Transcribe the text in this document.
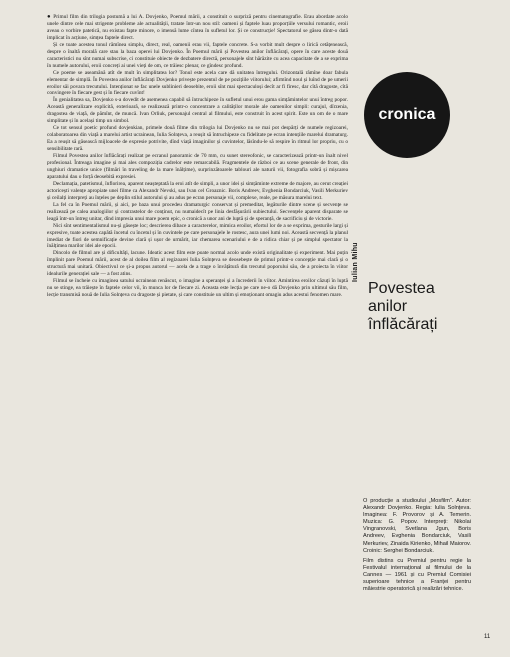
● Primul film din trilogia postumă a lui A. Dovjenko, Poemul mării, a constituit o surpriză pentru cinematografie. Erau abordate acolo unele dintre cele mai strigente probleme ale actualității, tratate într-un nou stil: oameni și faptele luau proporțiile versului romantic, eroii aveau o vorbire patetică, nu existau fapte minore, o imensă lume cîntea în sufletul lor. Și ce construcție! Spectatorul se găsea dintr-o dată implicat în acțiune, simțea faptele direct.

Și ce toate acestea tonul rămînea simplu, direct, real, oamenii erau vii, faptele concrete. S-a vorbit mult despre o lirică cetățenească, despre o înaltă morală care stau la baza operei lui Dovjenko. În Poemul mării și Povestea anilor înflăcărați, opere în care aceste două caracteristici nu sînt numai subscrise, ci constituie obiecte de dezbatere directă, personajele sînt hărăzite cu acea capacitate de a se exprima în numele autorului, eroii concreți ai unei vieți de om, ce trăiesc plenar, ce gîndesc profund.

Ce poeme se aseamănă atît de mult în simplitatea lor? Tonul este acela care dă unitatea întregului. Orizontală rămîne doar fabula elementar de simplă. În Povestea anilor înflăcărați Dovjenko privește prezentul de pe pozițiile viitorului; afirmînd noul și luînd de pe umerii eroilor săi povara trecutului. Intenționat se fac unele sublinieri deosebite, eroii sînt mai spectaculoși decît ar fi firesc, dar cîtă dragoste, cîtă convingere în fiecare gest și în fiecare cuvînt!

În genialitatea sa, Dovjenko s-a dovedit de asemenea capabil să întruchipeze în sufletul unui erou gama simțămintelor unui întreg popor. Această generalizare explicită, exterioară, se realizează printr-o concentrare a calităților morale ale oamenilor simpli: curajul, dîrzenia, dragostea de viață, de pămînt, de muncă. Ivan Orliuk, personajul central al filmului, este construit în acest spirit. Este un om de o mare simplitate și în același timp un simbol.

Ce tot sensul poetic profund dovjenkian, primele două filme din trilogia lui Dovjenko nu se mai pot despărți de numele regizoarei, colaboratoarea din viață a marelui artist ucrainean, Iulia Solnțeva, a reușit să întruchipeze cu fidelitate pe ecran intențiile marelui dramaturg. Ea a reușit să găsească mijloacele de expresie potrivite, dînd viață imaginilor și cuvintelor, lăsîndu-le să respire în ritmul lor propriu, cu o sensibilitate rară.

Filmul Povestea anilor înflăcărați realizat pe ecranul panoramic de 70 mm, cu sunet stereofonic, se caracterizează printr-un înalt nivel profesional. Întreaga imagine și mai ales compoziția cadrelor este remarcabilă. Fragmentele de război ce au scene generale de front, din unghiuri dramatice unice (filmări în traveling de la mare înălțime), surprinzătoarele tablouri ale naturii vii, fotografia sobră și mișcarea aparatului dau o forță deosebită expresiei.

Declamația, patetismul, înflorirea, aparent neașteptată la eroi atît de simpli, a unor idei și simțăminte extreme de majore, au cerut creației actoricești valențe apropiate unei filme ca Alexandr Nevski, sau Ivan cel Groaznic. Boris Andreev, Evghenia Bondarciuk, Vasili Merkuriev și ceilalți interpreți au înțeles pe deplin stilul autorului și au adus pe ecran personaje vii, complexe, reale, pe măsura marelui text.

La fel ca în Poemul mării, și aici, pe baza unui procedeu dramaturgic conservat și premeditat, legăturile dintre scene și secvențe se realizează pe calea analogiilor și contrastelor de conținut, nu numaidecît pe linia desfășurării subiectului. Secvențele aparent disparate se leagă într-un întreg unitar, dînd impresia unui mare poem epic, o cronică a unor ani de luptă și de speranță, de sacrificiu și de victorie.

Nici sînt sentimentalismul nu-și găsește loc; descrierea dibace a caracterelor, mimica eroilor, efortul lor de a se exprima, gesturile largi și expresive, toate acestea capătă încetul cu încetul și în cuvintele pe care personajele le rostesc, aura unei lumi noi. Această secvență la planul imediat de fiori de semnificație devine clară și ușor de urmărit, iar chemarea scenariului e de a ridica chiar și pe simplul spectator la înălțimea marilor idei ale epocii.

Dincolo de filmul are și dificultăți, lacune. Ideatic acest film este poate normal acolo unde există originalitate și experiment. Mai puțin împlinit pare Poemul mării, acest de al doilea film al regizoarei Iulia Solnțeva se deosebește de primul printr-o concepție mai clară și o structură mai unitară. Obiectivul ce și-a propus autorul — acela de a trage o învățătură din trecutul poporului său, de a proiecta în viitor idealurile generației sale — a fost atins.

Filmul se încheie cu imaginea satului ucrainean renăscut, o imagine a speranței și a încrederii în viitor. Amintirea eroilor căzuți în luptă nu se stinge, ea trăiește în faptele celor vii, în munca lor de fiecare zi. Aceasta este lecția pe care ne-o dă Dovjenko prin ultimul său film, lecție transmisă nouă de Iulia Solnțeva cu dragoste și pietate, și care constituie un ultim și emoționant omagiu adus acestui fenomen mare.

Iulian Mihu
cronica
Povestea
anilor
înflăcărați

O producție a studioului „Mosfilm". Autor: Alexandr Dovjenko. Regia: Iulia Solnțeva. Imaginea: F. Provorov și A. Temerin. Muzica: G. Popov. Interpreți: Nikolai Vingranovski, Svetlana Jgun, Boris Andreev, Evghenia Bondarciuk, Vasili Merkuriev, Zinaida Kirienko, Mihail Maiorov. Croinic: Serghei Bondarciuk.

Film distins cu Premiul pentru regie la Festivalul internațional al filmului de la Cannes — 1961 și cu Premiul Comisiei superioare tehnice a Franței pentru măiestrie operatorică și realizări tehnice.

11
